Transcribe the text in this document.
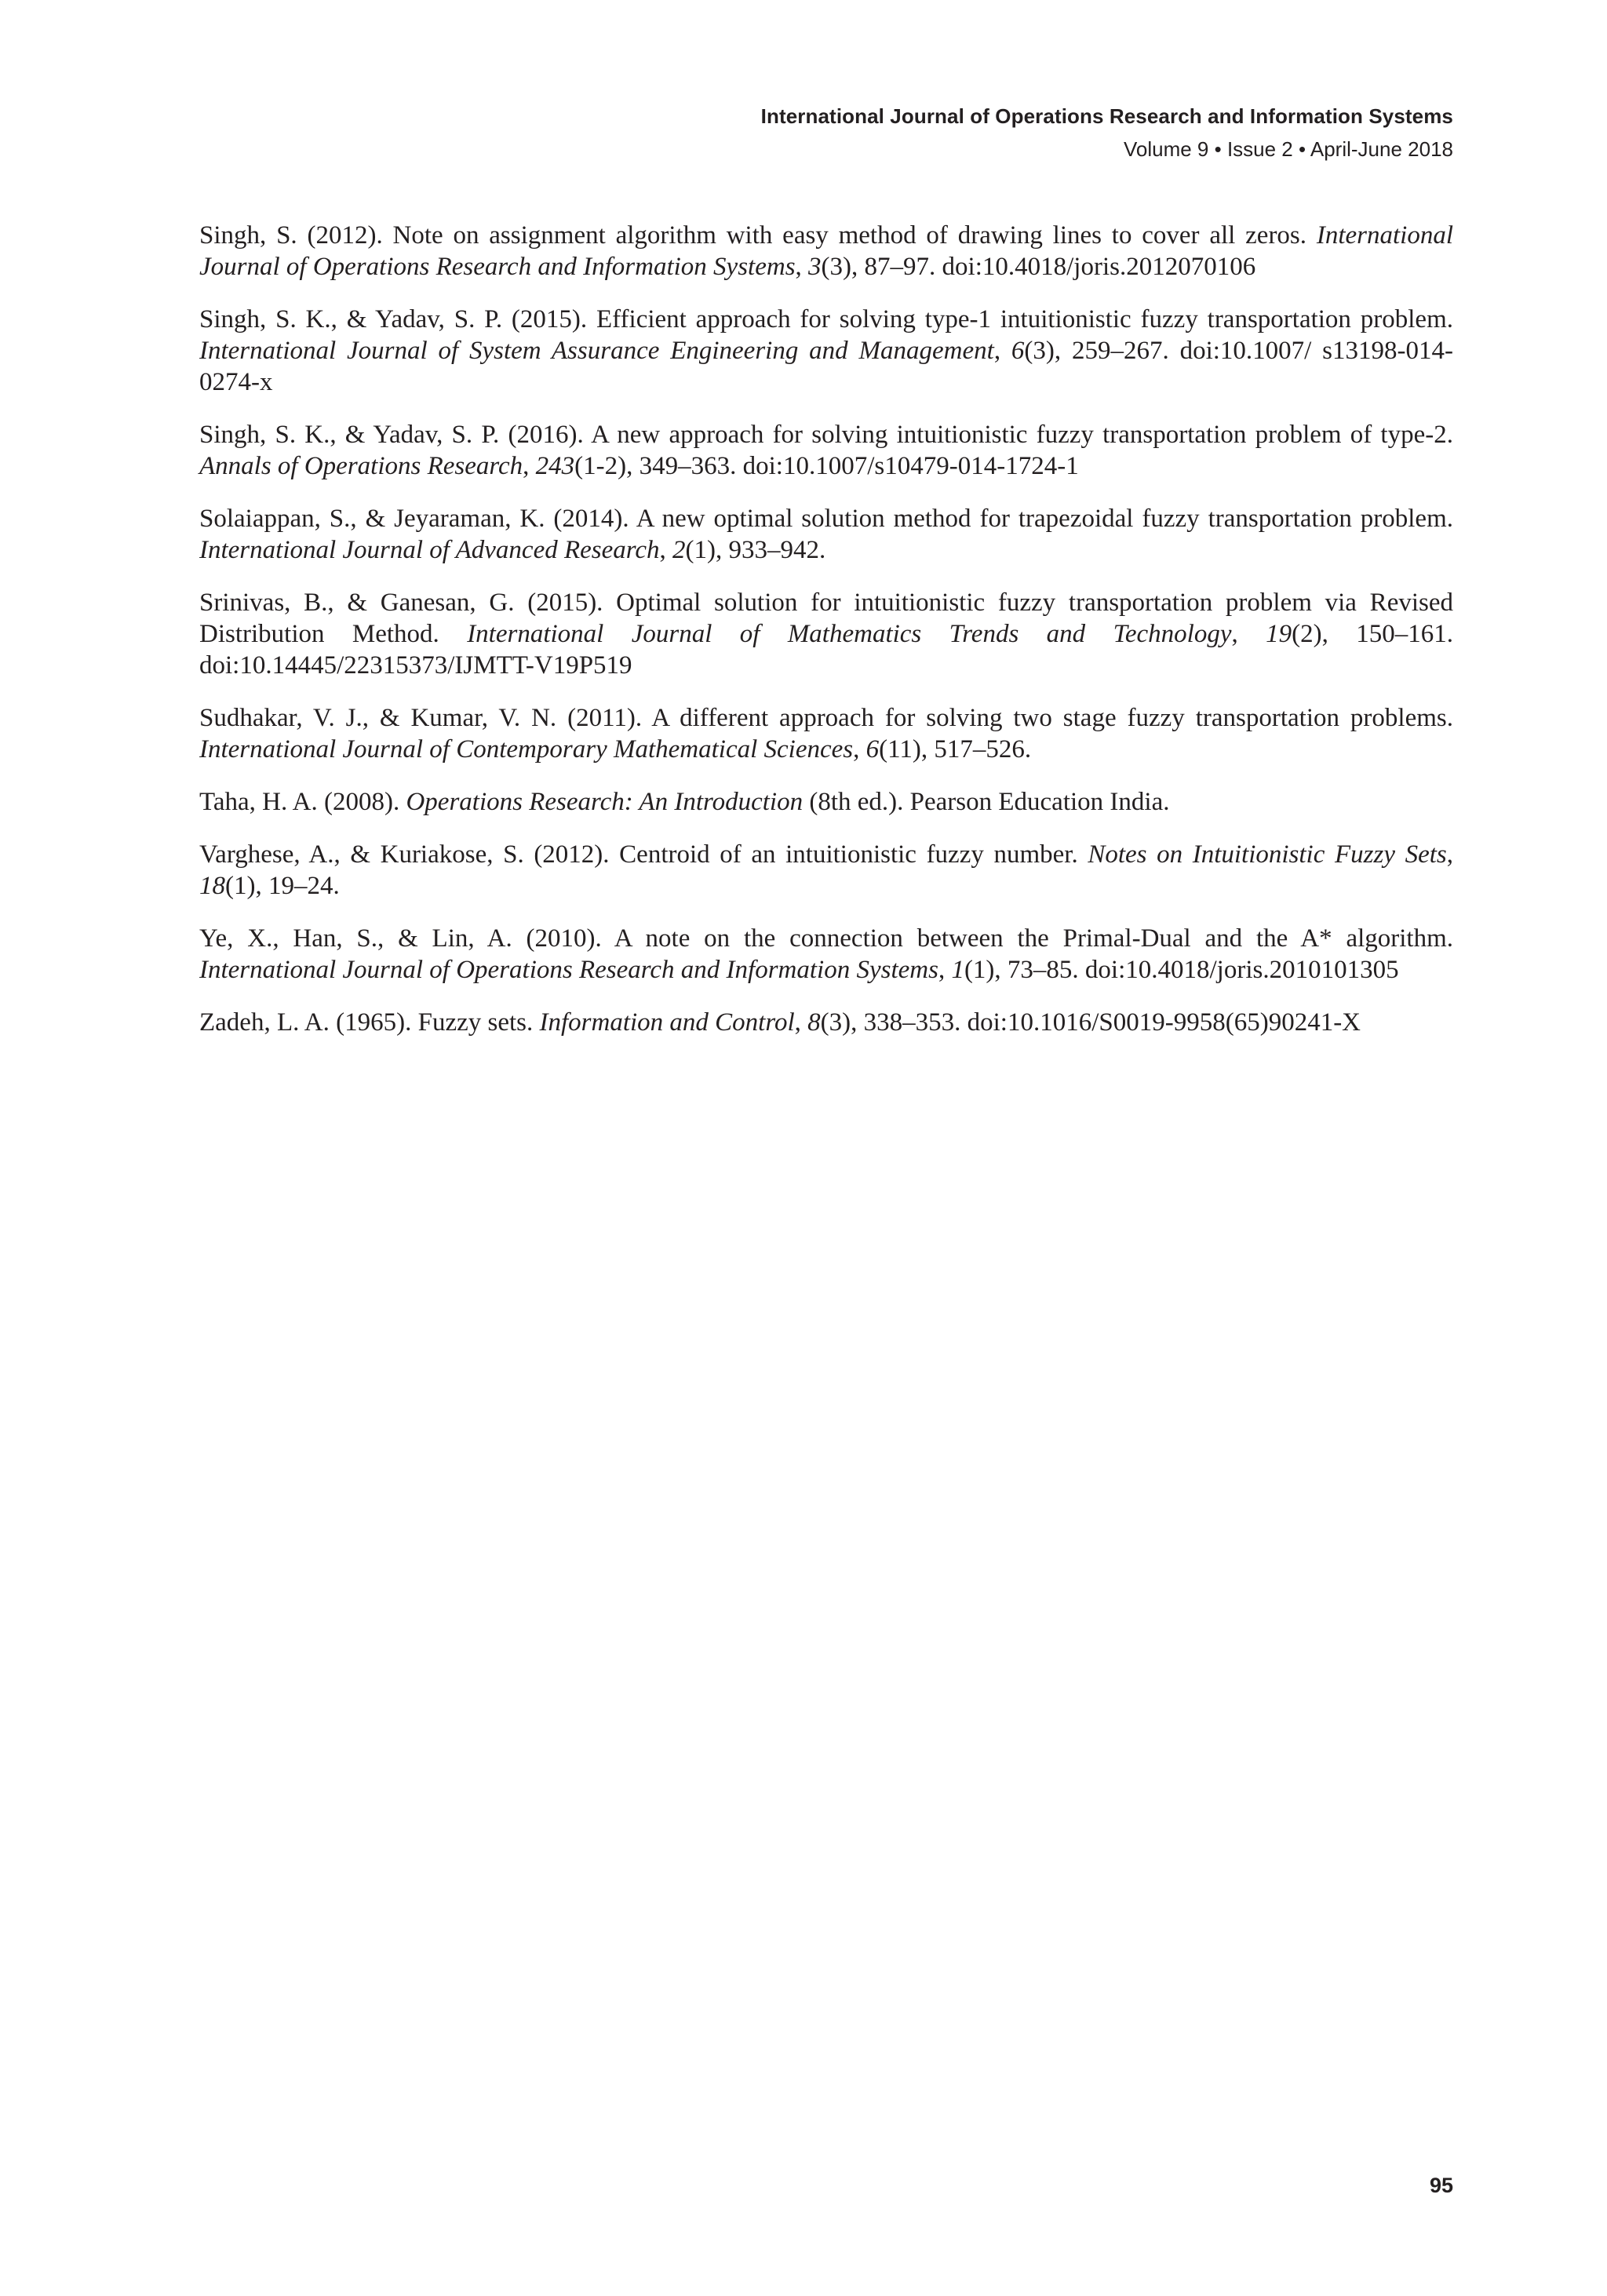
International Journal of Operations Research and Information Systems
Volume 9 • Issue 2 • April-June 2018

Singh, S. (2012). Note on assignment algorithm with easy method of drawing lines to cover all zeros. International Journal of Operations Research and Information Systems, 3(3), 87–97. doi:10.4018/joris.2012070106

Singh, S. K., & Yadav, S. P. (2015). Efficient approach for solving type-1 intuitionistic fuzzy transportation problem. International Journal of System Assurance Engineering and Management, 6(3), 259–267. doi:10.1007/ s13198-014-0274-x

Singh, S. K., & Yadav, S. P. (2016). A new approach for solving intuitionistic fuzzy transportation problem of type-2. Annals of Operations Research, 243(1-2), 349–363. doi:10.1007/s10479-014-1724-1

Solaiappan, S., & Jeyaraman, K. (2014). A new optimal solution method for trapezoidal fuzzy transportation problem. International Journal of Advanced Research, 2(1), 933–942.

Srinivas, B., & Ganesan, G. (2015). Optimal solution for intuitionistic fuzzy transportation problem via Revised Distribution Method. International Journal of Mathematics Trends and Technology, 19(2), 150–161. doi:10.14445/22315373/IJMTT-V19P519

Sudhakar, V. J., & Kumar, V. N. (2011). A different approach for solving two stage fuzzy transportation problems. International Journal of Contemporary Mathematical Sciences, 6(11), 517–526.

Taha, H. A. (2008). Operations Research: An Introduction (8th ed.). Pearson Education India.

Varghese, A., & Kuriakose, S. (2012). Centroid of an intuitionistic fuzzy number. Notes on Intuitionistic Fuzzy Sets, 18(1), 19–24.

Ye, X., Han, S., & Lin, A. (2010). A note on the connection between the Primal-Dual and the A* algorithm. International Journal of Operations Research and Information Systems, 1(1), 73–85. doi:10.4018/joris.2010101305

Zadeh, L. A. (1965). Fuzzy sets. Information and Control, 8(3), 338–353. doi:10.1016/S0019-9958(65)90241-X

95
